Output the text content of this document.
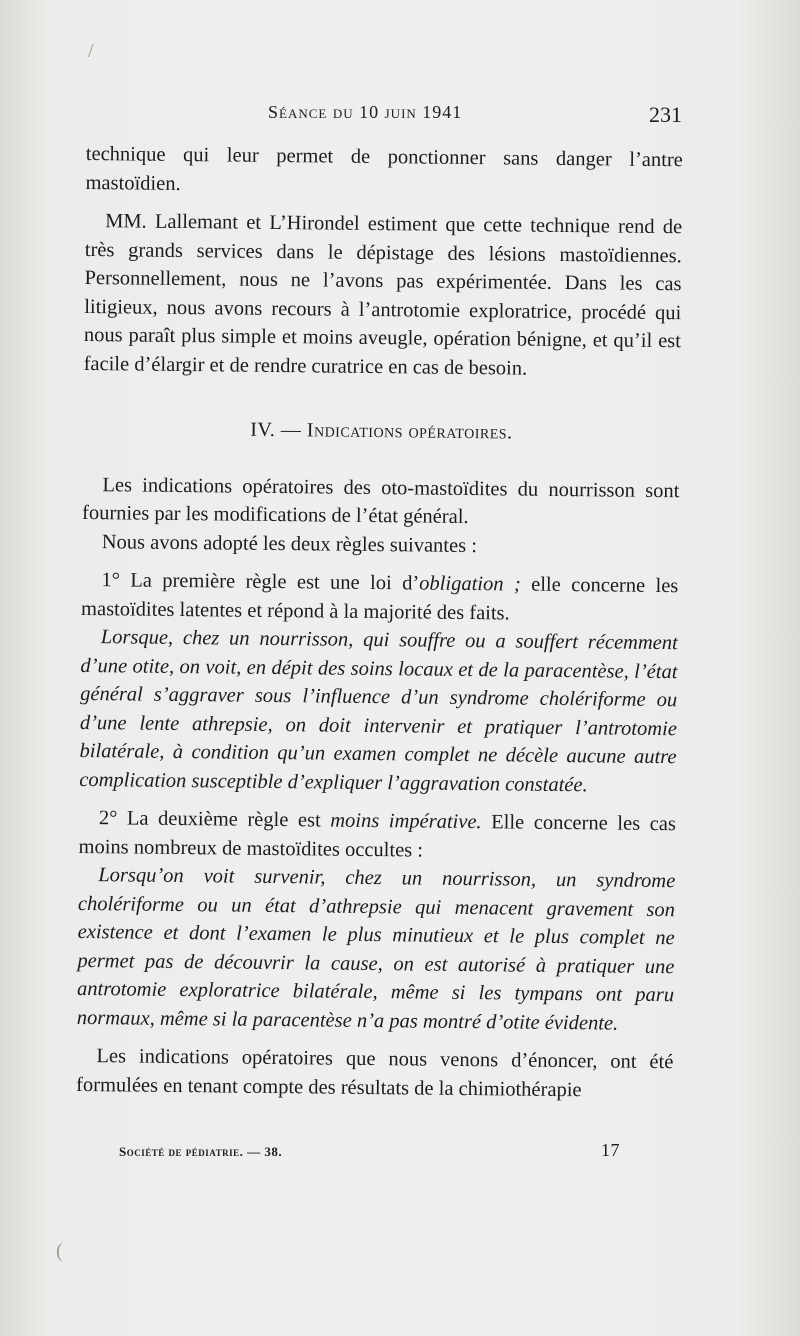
/
(
Séance du 10 juin 1941	231

technique qui leur permet de ponctionner sans danger l’antre mastoïdien.

MM. Lallemant et L’Hirondel estiment que cette technique rend de très grands services dans le dépistage des lésions mastoïdiennes. Personnellement, nous ne l’avons pas expérimentée. Dans les cas litigieux, nous avons recours à l’antrotomie exploratrice, procédé qui nous paraît plus simple et moins aveugle, opération bénigne, et qu’il est facile d’élargir et de rendre curatrice en cas de besoin.

IV. — Indications opératoires.

Les indications opératoires des oto-mastoïdites du nourrisson sont fournies par les modifications de l’état général.

Nous avons adopté les deux règles suivantes :

1° La première règle est une loi d’obligation ; elle concerne les mastoïdites latentes et répond à la majorité des faits.

Lorsque, chez un nourrisson, qui souffre ou a souffert récemment d’une otite, on voit, en dépit des soins locaux et de la paracentèse, l’état général s’aggraver sous l’influence d’un syndrome cholériforme ou d’une lente athrepsie, on doit intervenir et pratiquer l’antrotomie bilatérale, à condition qu’un examen complet ne décèle aucune autre complication susceptible d’expliquer l’aggravation constatée.

2° La deuxième règle est moins impérative. Elle concerne les cas moins nombreux de mastoïdites occultes :

Lorsqu’on voit survenir, chez un nourrisson, un syndrome cholériforme ou un état d’athrepsie qui menacent gravement son existence et dont l’examen le plus minutieux et le plus complet ne permet pas de découvrir la cause, on est autorisé à pratiquer une antrotomie exploratrice bilatérale, même si les tympans ont paru normaux, même si la paracentèse n’a pas montré d’otite évidente.

Les indications opératoires que nous venons d’énoncer, ont été formulées en tenant compte des résultats de la chimiothérapie

Société de pédiatrie. — 38.	17
